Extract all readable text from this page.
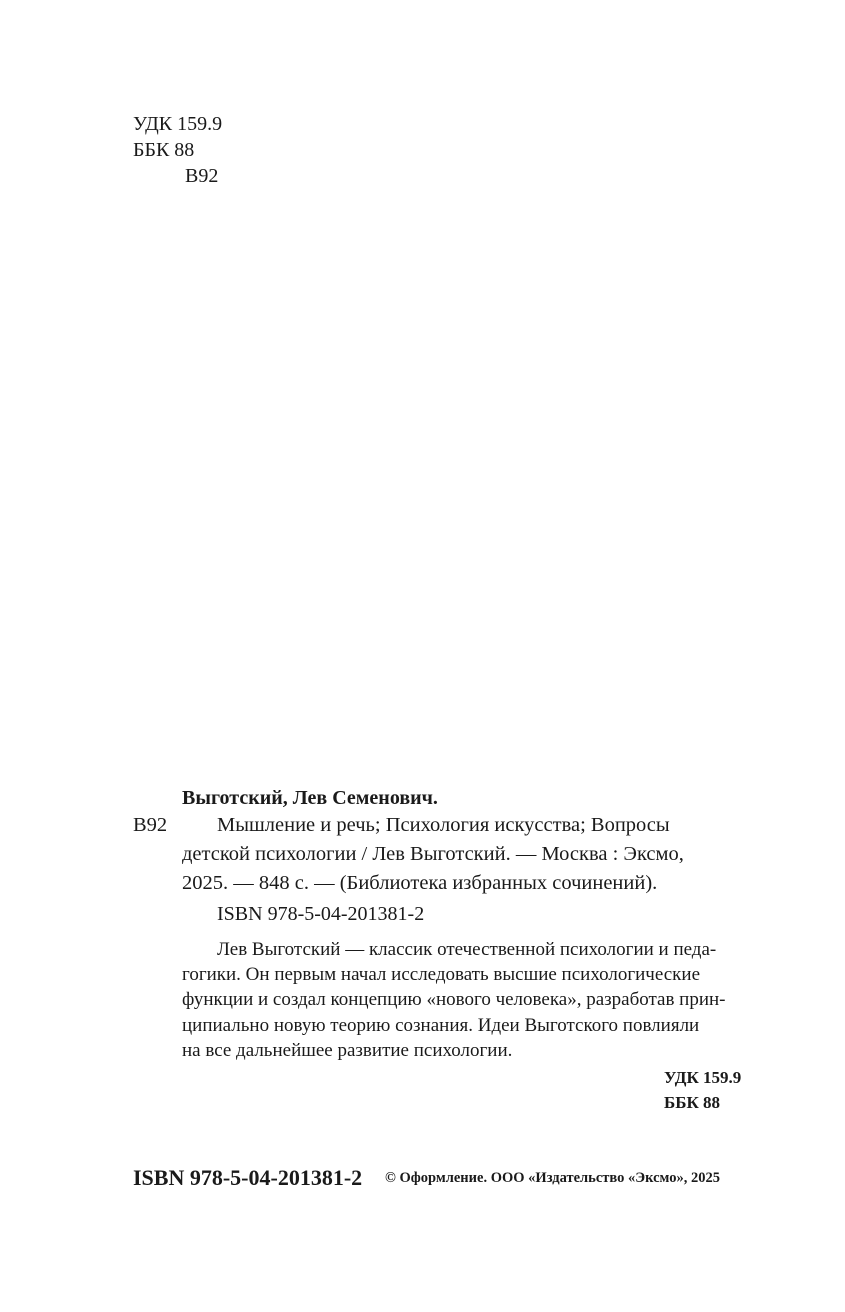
УДК 159.9
ББК 88
В92
Выготский, Лев Семенович.
В92 Мышление и речь; Психология искусства; Вопросы
детской психологии / Лев Выготский. — Москва : Эксмо,
2025. — 848 с. — (Библиотека избранных сочинений).
ISBN 978-5-04-201381-2
Лев Выготский — классик отечественной психологии и педа-
гогики. Он первым начал исследовать высшие психологические
функции и создал концепцию «нового человека», разработав прин-
ципиально новую теорию сознания. Идеи Выготского повлияли
на все дальнейшее развитие психологии.
УДК 159.9
ББК 88
ISBN 978-5-04-201381-2 © Оформление. ООО «Издательство «Эксмо», 2025
